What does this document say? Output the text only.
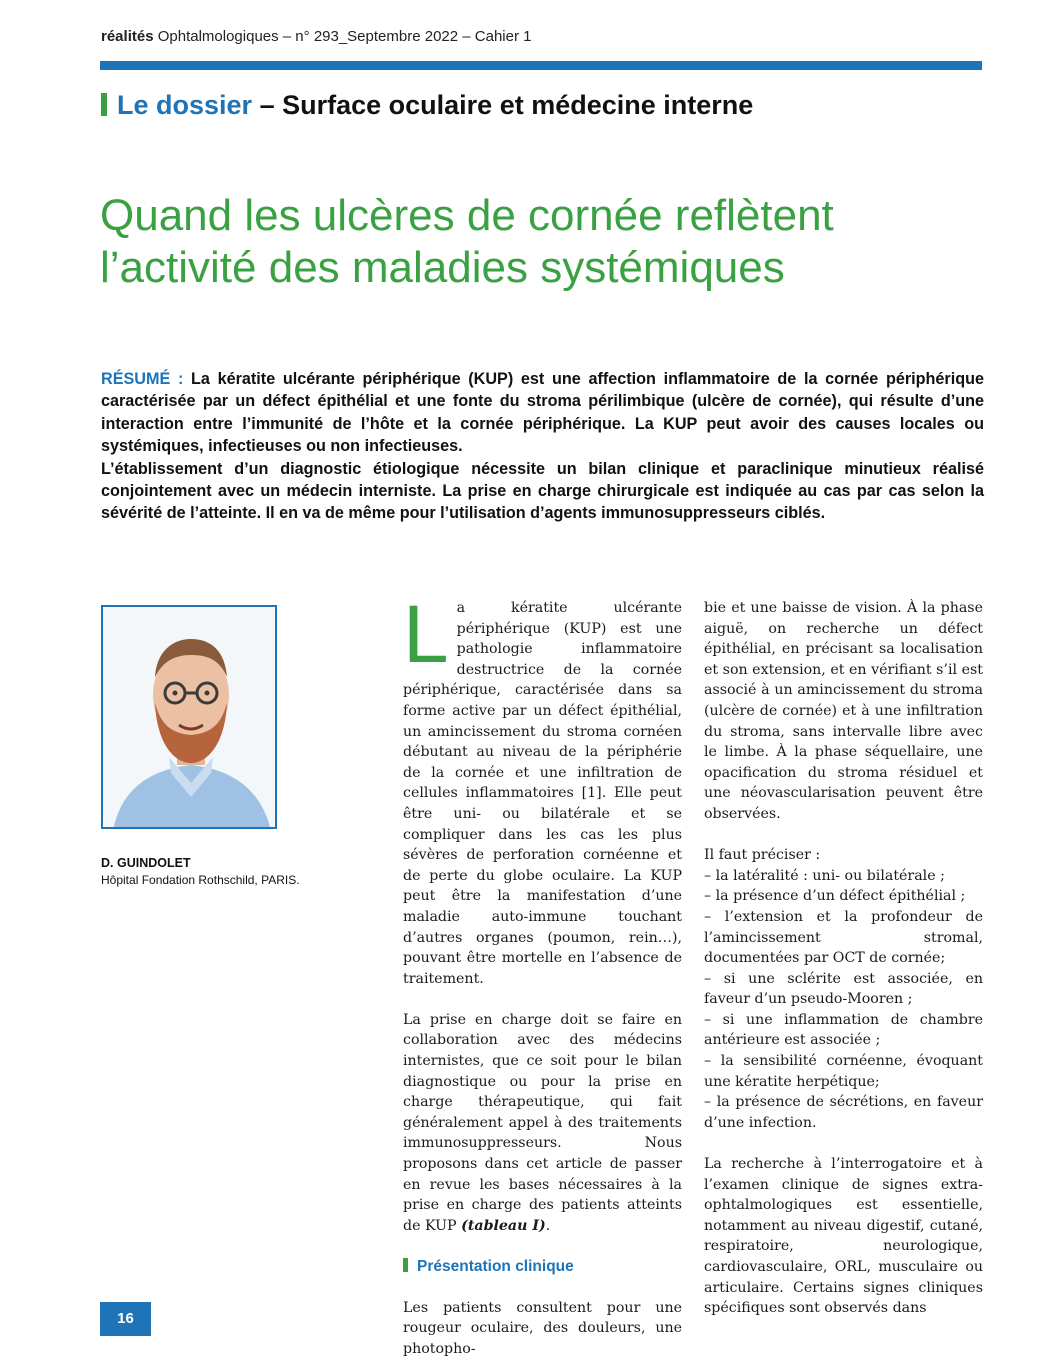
réalités Ophtalmologiques – n° 293_Septembre 2022 – Cahier 1
Le dossier – Surface oculaire et médecine interne
Quand les ulcères de cornée reflètent
l’activité des maladies systémiques

RÉSUMÉ : La kératite ulcérante périphérique (KUP) est une affection inflammatoire de la cornée périphérique caractérisée par un défect épithélial et une fonte du stroma périlimbique (ulcère de cornée), qui résulte d’une interaction entre l’immunité de l’hôte et la cornée périphérique. La KUP peut avoir des causes locales ou systémiques, infectieuses ou non infectieuses.

L’établissement d’un diagnostic étiologique nécessite un bilan clinique et paraclinique minutieux réalisé conjointement avec un médecin interniste. La prise en charge chirurgicale est indiquée au cas par cas selon la sévérité de l’atteinte. Il en va de même pour l’utilisation d’agents immunosuppresseurs ciblés.

D. GUINDOLET
Hôpital Fondation Rothschild, PARIS.

La kératite ulcérante périphérique (KUP) est une pathologie inflammatoire destructrice de la cornée périphérique, caractérisée dans sa forme active par un défect épithélial, un amincissement du stroma cornéen débutant au niveau de la périphérie de la cornée et une infiltration de cellules inflammatoires [1]. Elle peut être uni- ou bilatérale et se compliquer dans les cas les plus sévères de perforation cornéenne et de perte du globe oculaire. La KUP peut être la manifestation d’une maladie auto-immune touchant d’autres organes (poumon, rein…), pouvant être mortelle en l’absence de traitement.

La prise en charge doit se faire en collaboration avec des médecins internistes, que ce soit pour le bilan diagnostique ou pour la prise en charge thérapeutique, qui fait généralement appel à des traitements immunosuppresseurs. Nous proposons dans cet article de passer en revue les bases nécessaires à la prise en charge des patients atteints de KUP (tableau I).

Présentation clinique

Les patients consultent pour une rougeur oculaire, des douleurs, une photopho-

bie et une baisse de vision. À la phase aiguë, on recherche un défect épithélial, en précisant sa localisation et son extension, et en vérifiant s’il est associé à un amincissement du stroma (ulcère de cornée) et à une infiltration du stroma, sans intervalle libre avec le limbe. À la phase séquellaire, une opacification du stroma résiduel et une néovascularisation peuvent être observées.

Il faut préciser :
– la latéralité : uni- ou bilatérale ;
– la présence d’un défect épithélial ;
– l’extension et la profondeur de l’amincissement stromal, documentées par OCT de cornée;
– si une sclérite est associée, en faveur d’un pseudo-Mooren ;
– si une inflammation de chambre antérieure est associée ;
– la sensibilité cornéenne, évoquant une kératite herpétique;
– la présence de sécrétions, en faveur d’une infection.

La recherche à l’interrogatoire et à l’examen clinique de signes extra-ophtalmologiques est essentielle, notamment au niveau digestif, cutané, respiratoire, neurologique, cardiovasculaire, ORL, musculaire ou articulaire. Certains signes cliniques spécifiques sont observés dans

16
